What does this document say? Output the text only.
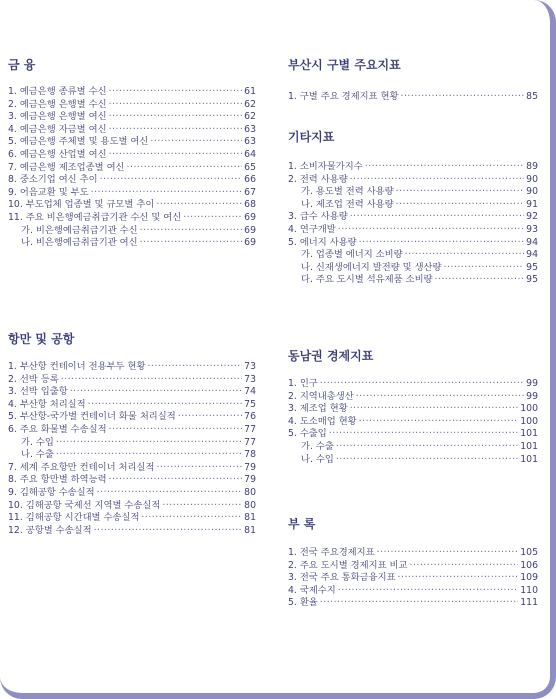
금 융
1. 예금은행 종류별 수신 ·····	61
2. 예금은행 은행별 수신 ·····	62
3. 예금은행 은행별 여신 ·····	62
4. 예금은행 자금별 여신 ·····	63
5. 예금은행 주체별 및 용도별 여신 ·····	63
6. 예금은행 산업별 여신 ·····	64
7. 예금은행 제조업종별 여신 ·····	65
8. 중소기업 여신 추이 ·····	66
9. 어음교환 및 부도 ·····	67
10. 부도업체 업종별 및 규모별 추이 ·····	68
11. 주요 비은행예금취급기관 수신 및 여신 ·····	69
가. 비은행예금취급기관 수신 ·····	69
나. 비은행예금취급기관 여신 ·····	69
항만 및 공항
1. 부산항 컨테이너 전용부두 현황 ·····	73
2. 선박 등록 ·····	73
3. 선박 입출항 ·····	74
4. 부산항 처리실적 ·····	75
5. 부산항-국가별 컨테이너 화물 처리실적 ·····	76
6. 주요 화물별 수송실적 ·····	77
가. 수입 ·····	77
나. 수출 ·····	78
7. 세계 주요항만 컨테이너 처리실적 ·····	79
8. 주요 항만별 하역능력 ·····	79
9. 김해공항 수송실적 ·····	80
10. 김해공항 국제선 지역별 수송실적 ·····	80
11. 김해공항 시간대별 수송실적 ·····	81
12. 공항별 수송실적 ·····	81
부산시 구별 주요지표
1. 구별 주요 경제지표 현황 ·····	85
기타지표
1. 소비자물가지수 ·····	89
2. 전력 사용량 ·····	90
가. 용도별 전력 사용량 ·····	90
나. 제조업 전력 사용량 ·····	91
3. 급수 사용량 ·····	92
4. 연구개발 ·····	93
5. 에너지 사용량 ·····	94
가. 업종별 에너지 소비량 ·····	94
나. 신재생에너지 발전량 및 생산량 ·····	95
다. 주요 도시별 석유제품 소비량 ·····	95
동남권 경제지표
1. 인구 ·····	99
2. 지역내총생산 ·····	99
3. 제조업 현황 ·····	100
4. 도소매업 현황 ·····	100
5. 수출입 ·····	101
가. 수출 ·····	101
나. 수입 ·····	101
부 록
1. 전국 주요경제지표 ·····	105
2. 주요 도시별 경제지표 비교 ·····	106
3. 전국 주요 통화금융지표 ·····	109
4. 국제수지 ·····	110
5. 환율 ·····	111
